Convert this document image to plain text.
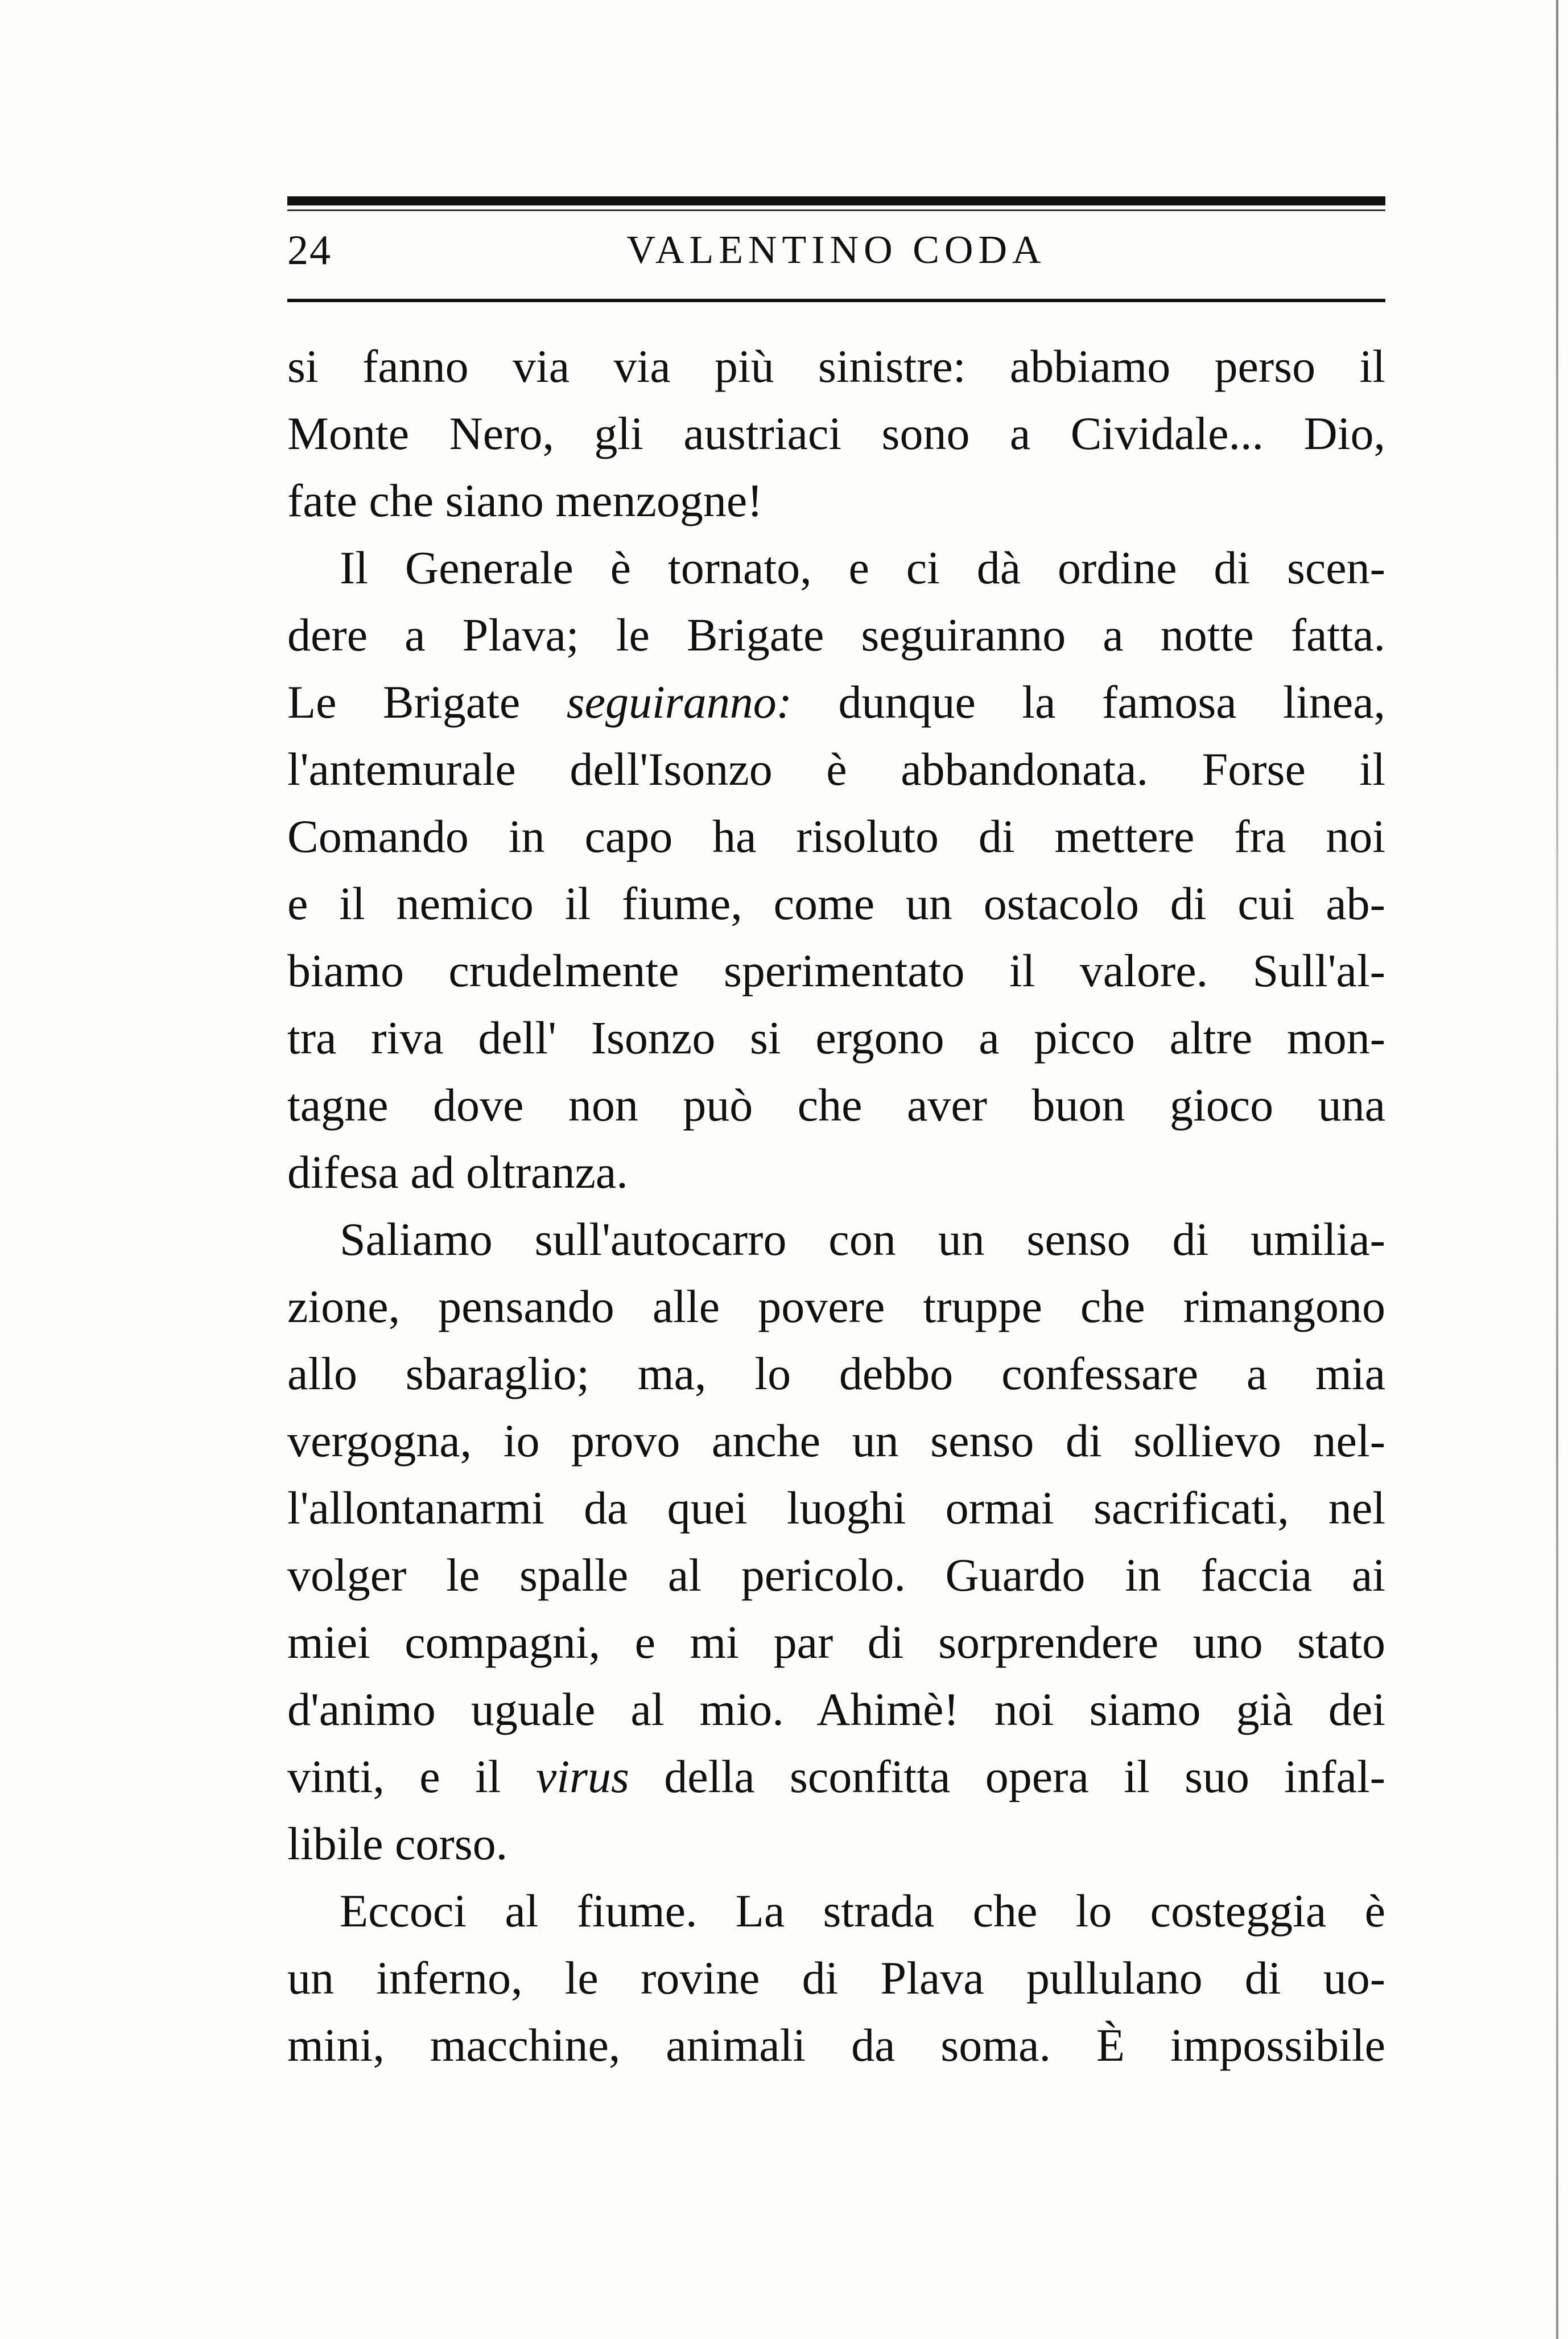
24	VALENTINO CODA
si fanno via via più sinistre: abbiamo perso il
Monte Nero, gli austriaci sono a Cividale... Dio,
fate che siano menzogne!
Il Generale è tornato, e ci dà ordine di scen-
dere a Plava; le Brigate seguiranno a notte fatta.
Le Brigate seguiranno: dunque la famosa linea,
l'antemurale dell'Isonzo è abbandonata. Forse il
Comando in capo ha risoluto di mettere fra noi
e il nemico il fiume, come un ostacolo di cui ab-
biamo crudelmente sperimentato il valore. Sull'al-
tra riva dell' Isonzo si ergono a picco altre mon-
tagne dove non può che aver buon gioco una
difesa ad oltranza.
Saliamo sull'autocarro con un senso di umilia-
zione, pensando alle povere truppe che rimangono
allo sbaraglio; ma, lo debbo confessare a mia
vergogna, io provo anche un senso di sollievo nel-
l'allontanarmi da quei luoghi ormai sacrificati, nel
volger le spalle al pericolo. Guardo in faccia ai
miei compagni, e mi par di sorprendere uno stato
d'animo uguale al mio. Ahimè! noi siamo già dei
vinti, e il virus della sconfitta opera il suo infal-
libile corso.
Eccoci al fiume. La strada che lo costeggia è
un inferno, le rovine di Plava pullulano di uo-
mini, macchine, animali da soma. È impossibile
